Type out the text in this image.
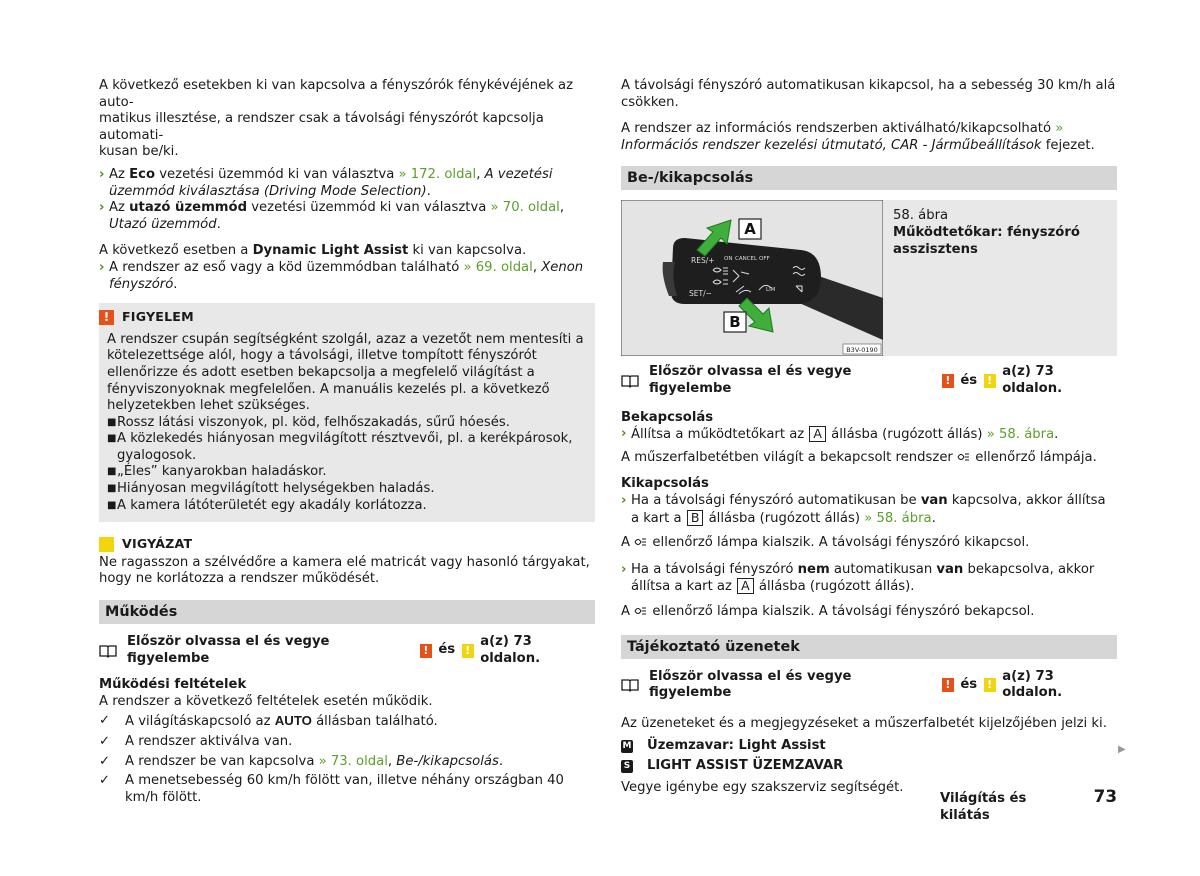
A következő esetekben ki van kapcsolva a fényszórók fénykévéjének az auto-
matikus illesztése, a rendszer csak a távolsági fényszórót kapcsolja automati-
kusan be/ki.

› Az Eco vezetési üzemmód ki van választva » 172. oldal, A vezetési üzemmód kiválasztása (Driving Mode Selection).
› Az utazó üzemmód vezetési üzemmód ki van választva » 70. oldal, Utazó üzemmód.

A következő esetben a Dynamic Light Assist ki van kapcsolva.

› A rendszer az eső vagy a köd üzemmódban található » 69. oldal, Xenon fényszóró.
!	FIGYELEM

A rendszer csupán segítségként szolgál, azaz a vezetőt nem mentesíti a kötelezettsége alól, hogy a távolsági, illetve tompított fényszórót ellenőrizze és adott esetben bekapcsolja a megfelelő világítást a fényviszonyoknak megfelelően. A manuális kezelés pl. a következő helyzetekben lehet szükséges.

■ Rossz látási viszonyok, pl. köd, felhőszakadás, sűrű hóesés.
■ A közlekedés hiányosan megvilágított résztvevői, pl. a kerékpárosok, gyalogosok.
■ „Éles” kanyarokban haladáskor.
■ Hiányosan megvilágított helységekben haladás.
■ A kamera látóterületét egy akadály korlátozza.
!	VIGYÁZAT

Ne ragasszon a szélvédőre a kamera elé matricát vagy hasonló tárgyakat, hogy ne korlátozza a rendszer működését.

Működés
Először olvassa el és vegye figyelembe

!
és
!

a(z) 73 oldalon.

Működési feltételek

A rendszer a következő feltételek esetén működik.

✓	A világításkapcsoló az AUTO állásban található.
✓	A rendszer aktiválva van.
✓	A rendszer be van kapcsolva » 73. oldal, Be-/kikapcsolás.
✓	A menetsebesség 60 km/h fölött van, illetve néhány országban 40 km/h fölött.

A távolsági fényszóró automatikusan kikapcsol, ha a sebesség 30 km/h alá csökken.

A rendszer az információs rendszerben aktiválható/kikapcsolható » Információs rendszer kezelési útmutató, CAR - Járműbeállítások fejezet.

Be-/kikapcsolás
RES/+ ON CANCEL OFF
SET/−	LIM
A
B
B3V-0190

58. ábra

Működtetőkar: fényszóró asszisztens

Először olvassa el és vegye figyelembe

!
és
!

a(z) 73 oldalon.

Bekapcsolás

› Állítsa a működtetőkart az A állásba (rugózott állás) » 58. ábra.

A műszerfalbetétben világít a bekapcsolt rendszer  ellenőrző lámpája.

Kikapcsolás

› Ha a távolsági fényszóró automatikusan be van kapcsolva, akkor állítsa a kart a B állásba (rugózott állás) » 58. ábra.

A  ellenőrző lámpa kialszik. A távolsági fényszóró kikapcsol.

› Ha a távolsági fényszóró nem automatikusan van bekapcsolva, akkor állítsa a kart az A állásba (rugózott állás).

A  ellenőrző lámpa kialszik. A távolsági fényszóró bekapcsol.

Tájékoztató üzenetek
Először olvassa el és vegye figyelembe

!
és
!

a(z) 73 oldalon.

Az üzeneteket és a megjegyzéseket a műszerfalbetét kijelzőjében jelzi ki.

M Üzemzavar: Light Assist
S LIGHT ASSIST ÜZEMZAVAR

Vegye igénybe egy szakszerviz segítségét.

▶
Világítás és kilátás
73
